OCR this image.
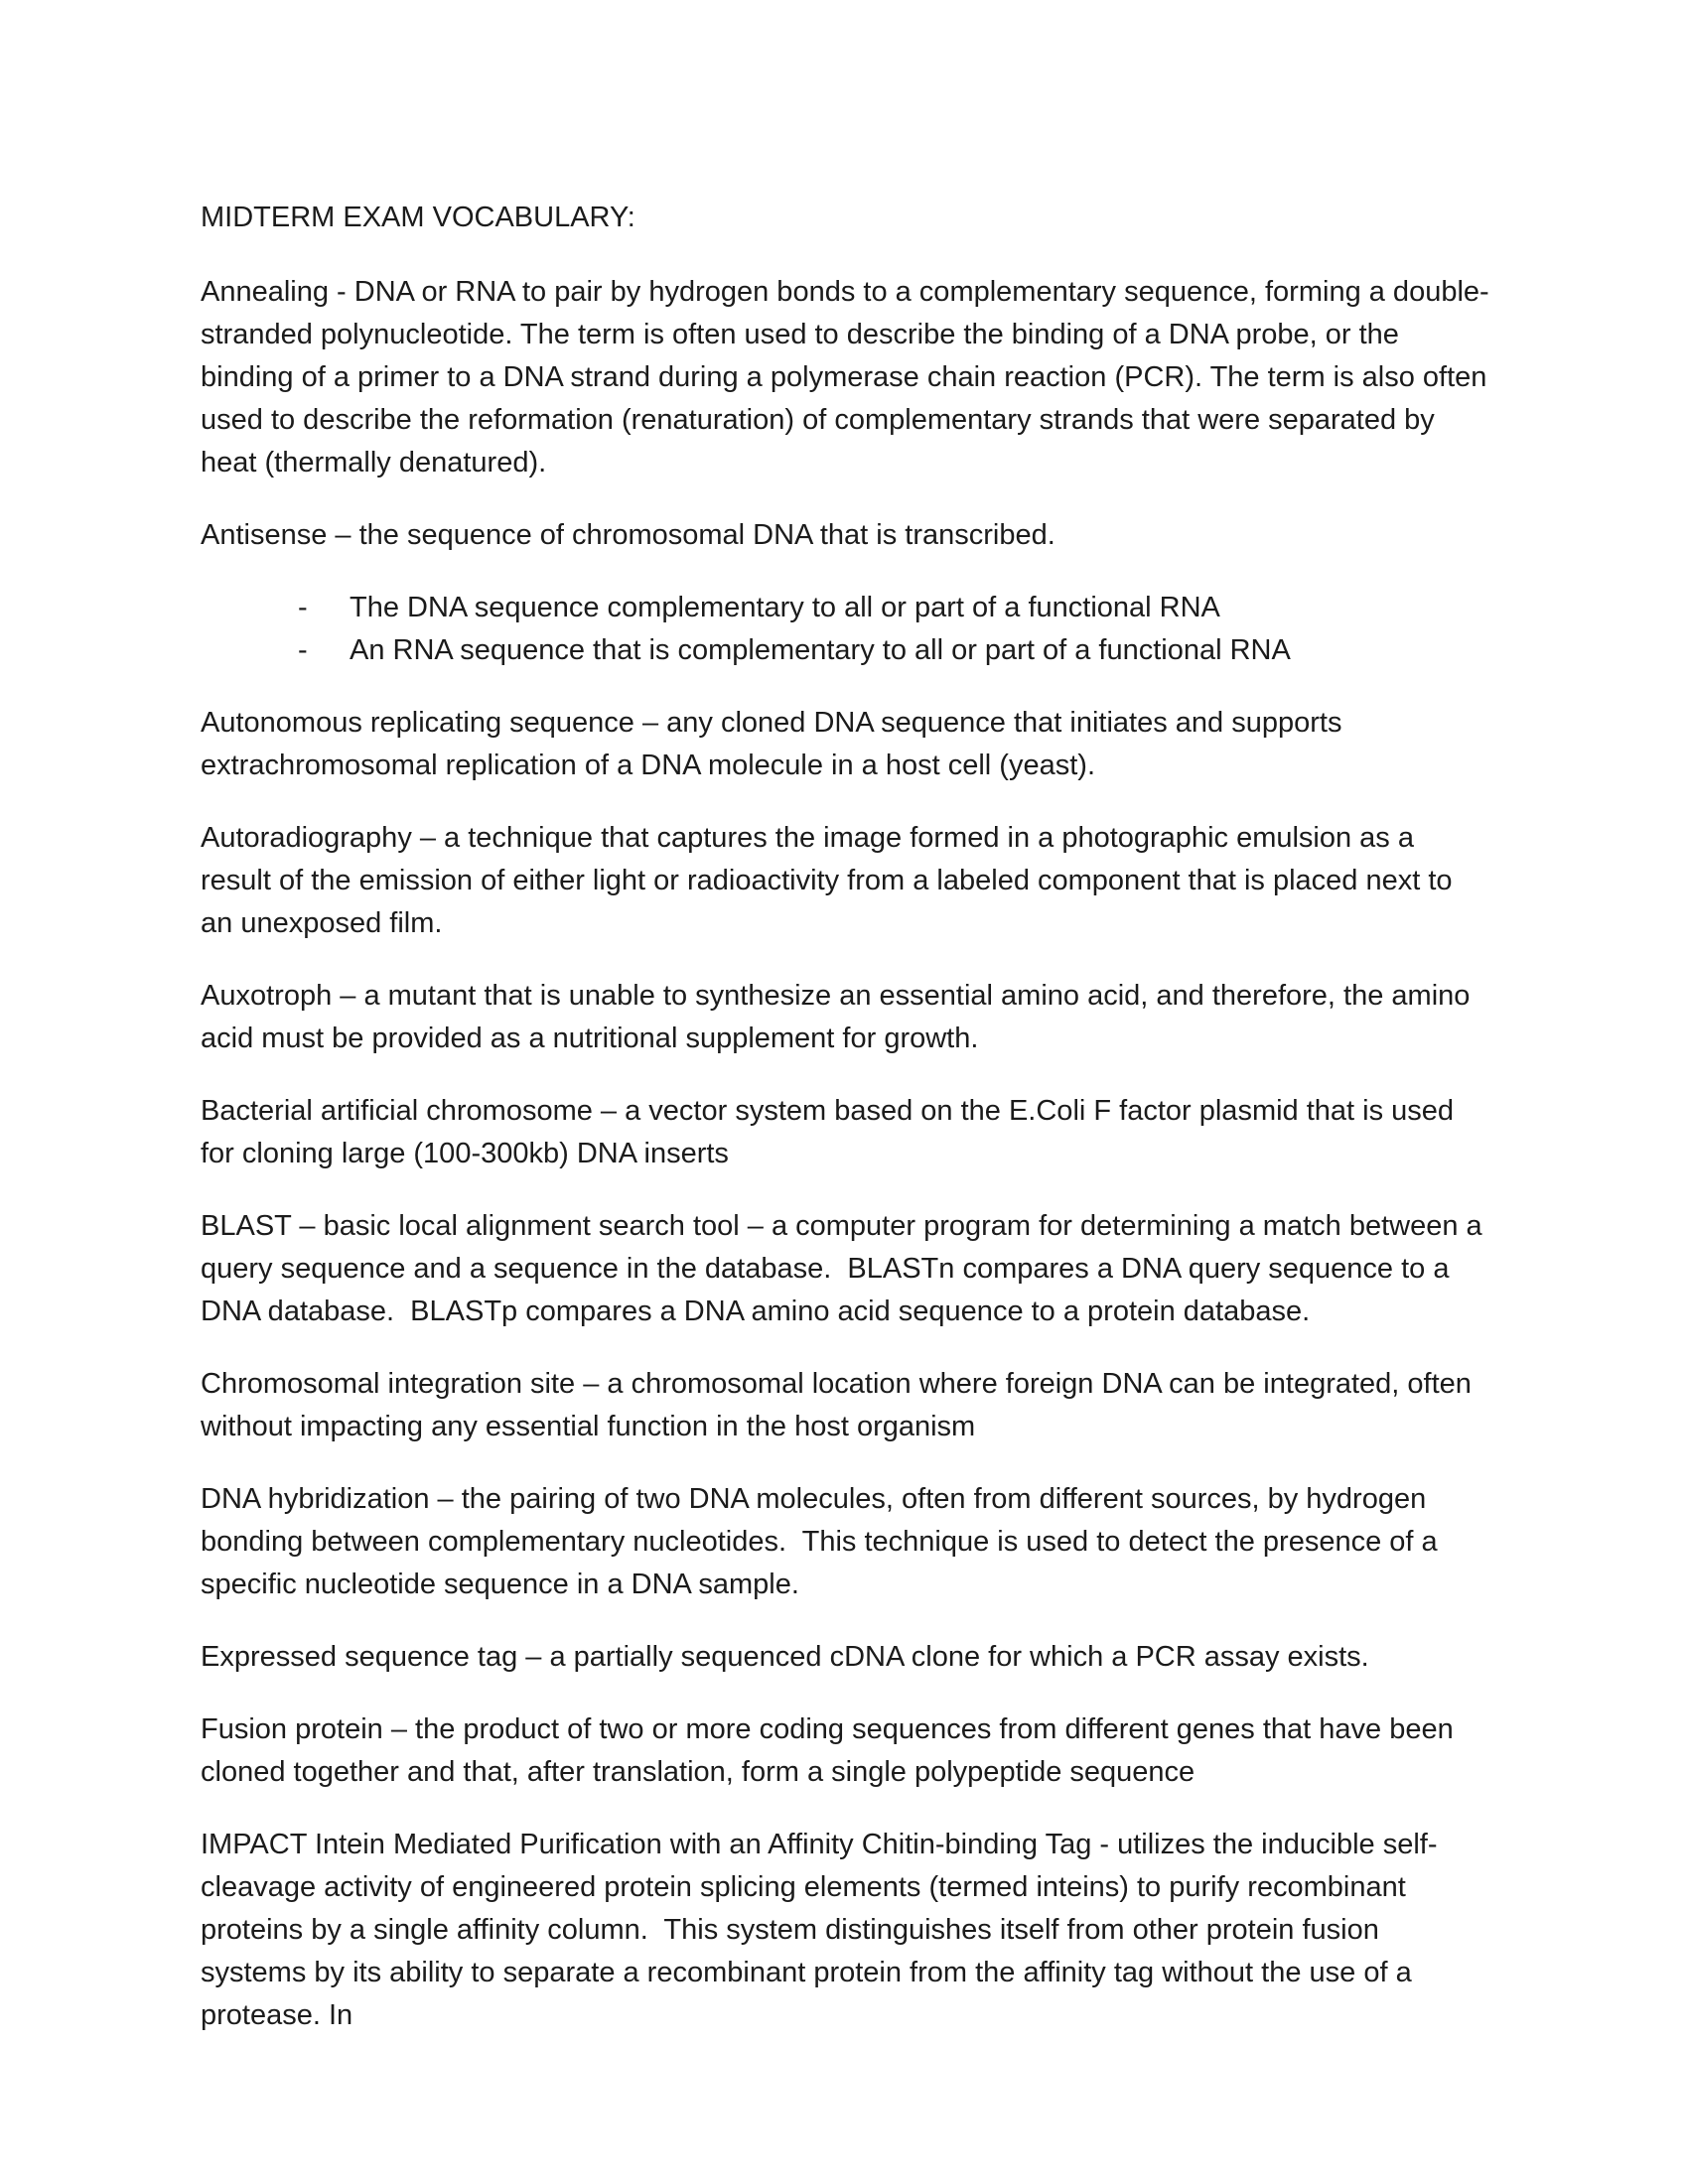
MIDTERM EXAM VOCABULARY:

Annealing - DNA or RNA to pair by hydrogen bonds to a complementary sequence, forming a double-stranded polynucleotide. The term is often used to describe the binding of a DNA probe, or the binding of a primer to a DNA strand during a polymerase chain reaction (PCR). The term is also often used to describe the reformation (renaturation) of complementary strands that were separated by heat (thermally denatured).

Antisense – the sequence of chromosomal DNA that is transcribed.

-	The DNA sequence complementary to all or part of a functional RNA
-	An RNA sequence that is complementary to all or part of a functional RNA

Autonomous replicating sequence – any cloned DNA sequence that initiates and supports extrachromosomal replication of a DNA molecule in a host cell (yeast).

Autoradiography – a technique that captures the image formed in a photographic emulsion as a result of the emission of either light or radioactivity from a labeled component that is placed next to an unexposed film.

Auxotroph – a mutant that is unable to synthesize an essential amino acid, and therefore, the amino acid must be provided as a nutritional supplement for growth.

Bacterial artificial chromosome – a vector system based on the E.Coli F factor plasmid that is used for cloning large (100-300kb) DNA inserts

BLAST – basic local alignment search tool – a computer program for determining a match between a query sequence and a sequence in the database.  BLASTn compares a DNA query sequence to a DNA database.  BLASTp compares a DNA amino acid sequence to a protein database.

Chromosomal integration site – a chromosomal location where foreign DNA can be integrated, often without impacting any essential function in the host organism

DNA hybridization – the pairing of two DNA molecules, often from different sources, by hydrogen bonding between complementary nucleotides.  This technique is used to detect the presence of a specific nucleotide sequence in a DNA sample.

Expressed sequence tag – a partially sequenced cDNA clone for which a PCR assay exists.

Fusion protein – the product of two or more coding sequences from different genes that have been cloned together and that, after translation, form a single polypeptide sequence

IMPACT Intein Mediated Purification with an Affinity Chitin-binding Tag - utilizes the inducible self-cleavage activity of engineered protein splicing elements (termed inteins) to purify recombinant proteins by a single affinity column.  This system distinguishes itself from other protein fusion systems by its ability to separate a recombinant protein from the affinity tag without the use of a protease. In
